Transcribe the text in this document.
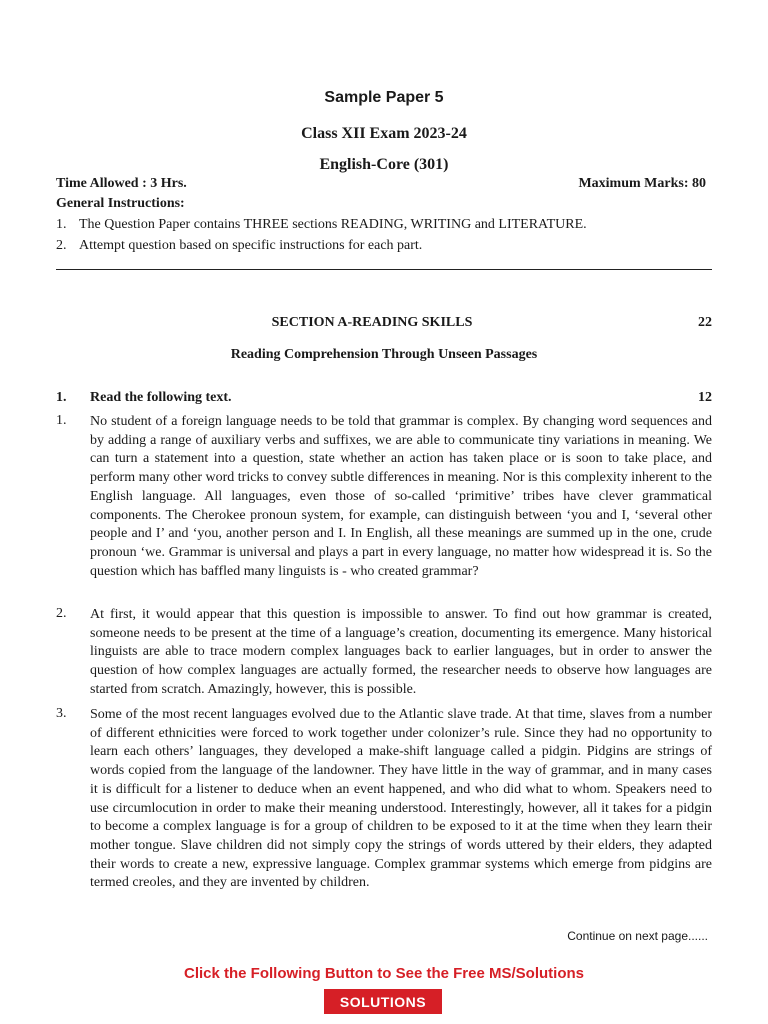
Sample Paper 5
Class XII Exam 2023-24
English-Core (301)
Time Allowed : 3 Hrs.	Maximum Marks: 80
General Instructions:
1. The Question Paper contains THREE sections READING, WRITING and LITERATURE.
2. Attempt question based on specific instructions for each part.
SECTION A-READING SKILLS	22
Reading Comprehension Through Unseen Passages
1. Read the following text.	12
1.	No student of a foreign language needs to be told that grammar is complex. By changing word sequences and by adding a range of auxiliary verbs and suffixes, we are able to communicate tiny variations in meaning. We can turn a statement into a question, state whether an action has taken place or is soon to take place, and perform many other word tricks to convey subtle differences in meaning. Nor is this complexity inherent to the English language. All languages, even those of so-called ‘primitive’ tribes have clever grammatical components. The Cherokee pronoun system, for example, can distinguish between ‘you and I, ‘several other people and I’ and ‘you, another person and I. In English, all these meanings are summed up in the one, crude pronoun ‘we. Grammar is universal and plays a part in every language, no matter how widespread it is. So the question which has baffled many linguists is - who created grammar?
2.	At first, it would appear that this question is impossible to answer. To find out how grammar is created, someone needs to be present at the time of a language’s creation, documenting its emergence. Many historical linguists are able to trace modern complex languages back to earlier languages, but in order to answer the question of how complex languages are actually formed, the researcher needs to observe how languages are started from scratch. Amazingly, however, this is possible.
3.	Some of the most recent languages evolved due to the Atlantic slave trade. At that time, slaves from a number of different ethnicities were forced to work together under colonizer’s rule. Since they had no opportunity to learn each others’ languages, they developed a make-shift language called a pidgin. Pidgins are strings of words copied from the language of the landowner. They have little in the way of grammar, and in many cases it is difficult for a listener to deduce when an event happened, and who did what to whom. Speakers need to use circumlocution in order to make their meaning understood. Interestingly, however, all it takes for a pidgin to become a complex language is for a group of children to be exposed to it at the time when they learn their mother tongue. Slave children did not simply copy the strings of words uttered by their elders, they adapted their words to create a new, expressive language. Complex grammar systems which emerge from pidgins are termed creoles, and they are invented by children.
Continue on next page......
Click the Following Button to See the Free MS/Solutions
SOLUTIONS
